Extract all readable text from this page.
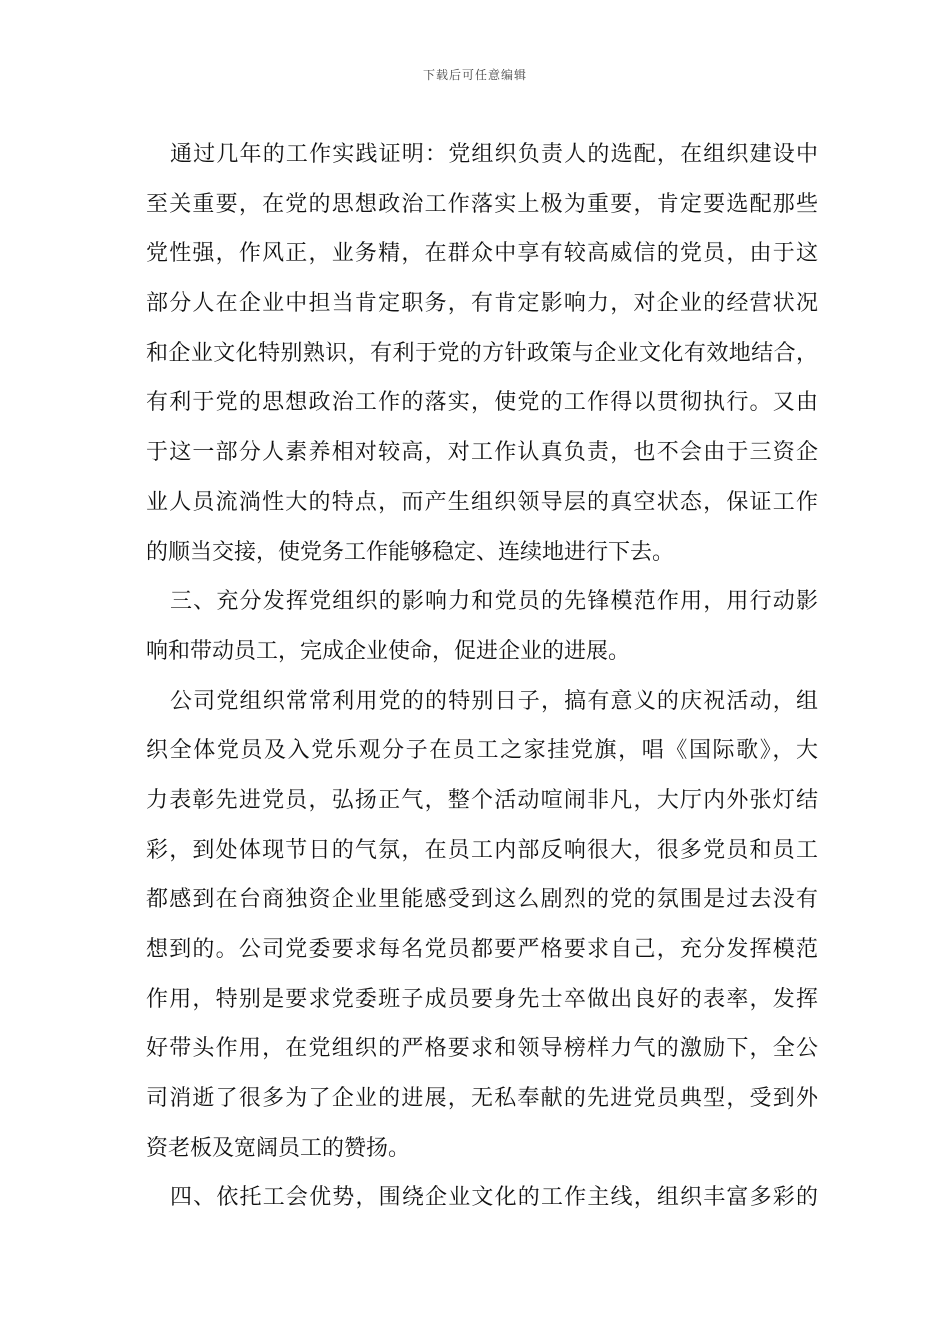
下载后可任意编辑
通过几年的工作实践证明：党组织负责人的选配，在组织建设中
至关重要，在党的思想政治工作落实上极为重要，肯定要选配那些
党性强，作风正，业务精，在群众中享有较高威信的党员，由于这
部分人在企业中担当肯定职务，有肯定影响力，对企业的经营状况
和企业文化特别熟识，有利于党的方针政策与企业文化有效地结合，
有利于党的思想政治工作的落实，使党的工作得以贯彻执行。又由
于这一部分人素养相对较高，对工作认真负责，也不会由于三资企
业人员流淌性大的特点，而产生组织领导层的真空状态，保证工作
的顺当交接，使党务工作能够稳定、连续地进行下去。
三、充分发挥党组织的影响力和党员的先锋模范作用，用行动影
响和带动员工，完成企业使命，促进企业的进展。
公司党组织常常利用党的的特别日子，搞有意义的庆祝活动，组
织全体党员及入党乐观分子在员工之家挂党旗，唱《国际歌》，大
力表彰先进党员，弘扬正气，整个活动喧闹非凡，大厅内外张灯结
彩，到处体现节日的气氛，在员工内部反响很大，很多党员和员工
都感到在台商独资企业里能感受到这么剧烈的党的氛围是过去没有
想到的。公司党委要求每名党员都要严格要求自己，充分发挥模范
作用，特别是要求党委班子成员要身先士卒做出良好的表率，发挥
好带头作用，在党组织的严格要求和领导榜样力气的激励下，全公
司消逝了很多为了企业的进展，无私奉献的先进党员典型，受到外
资老板及宽阔员工的赞扬。
四、依托工会优势，围绕企业文化的工作主线，组织丰富多彩的
